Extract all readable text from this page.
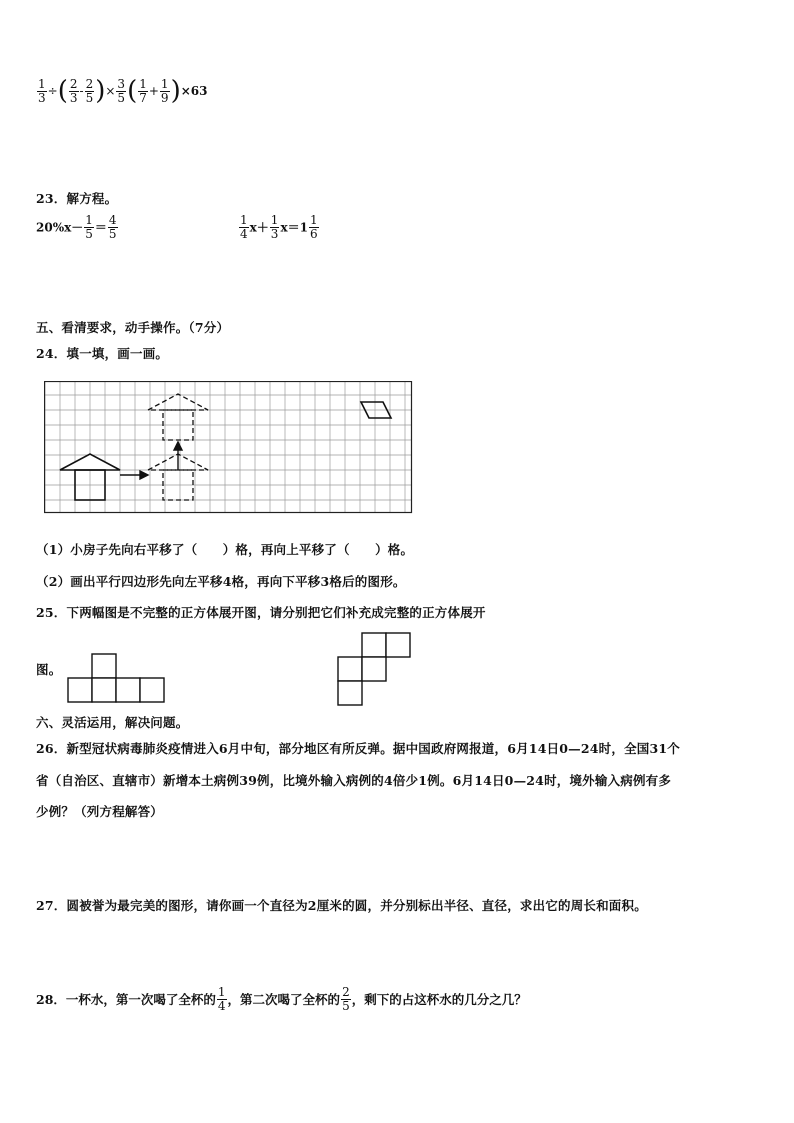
$\frac{1}{3}$ ÷( $\frac{2}{3} - \frac{2}{5}$ )× $\frac{3}{5}$ ( $\frac{1}{7} + \frac{1}{9} )\times 63$
23．解方程。
$20\%x- \frac{1}{5} = \frac{4}{5}$	$\frac{1}{4} x+ \frac{1}{3} x=1 \frac{1}{6}$
五、看清要求，动手操作。（7分）
24．填一填，画一画。
（1）小房子先向右平移了（　　）格，再向上平移了（　　）格。
（2）画出平行四边形先向左平移4格，再向下平移3格后的图形。
25．下两幅图是不完整的正方体展开图，请分别把它们补充成完整的正方体展开
图。
六、灵活运用，解决问题。
26．新型冠状病毒肺炎疫情进入6月中旬，部分地区有所反弹。据中国政府网报道，6月14日0—24时，全国31个
省（自治区、直辖市）新增本土病例39例，比境外输入病例的4倍少1例。6月14日0—24时，境外输入病例有多
少例？（列方程解答）
27．圆被誉为最完美的图形，请你画一个直径为2厘米的圆，并分别标出半径、直径，求出它的周长和面积。
28．一杯水，第一次喝了全杯的 $\frac{1}{4}$ ，第二次喝了全杯的 $\frac{2}{5}$ ，剩下的占这杯水的几分之几？
